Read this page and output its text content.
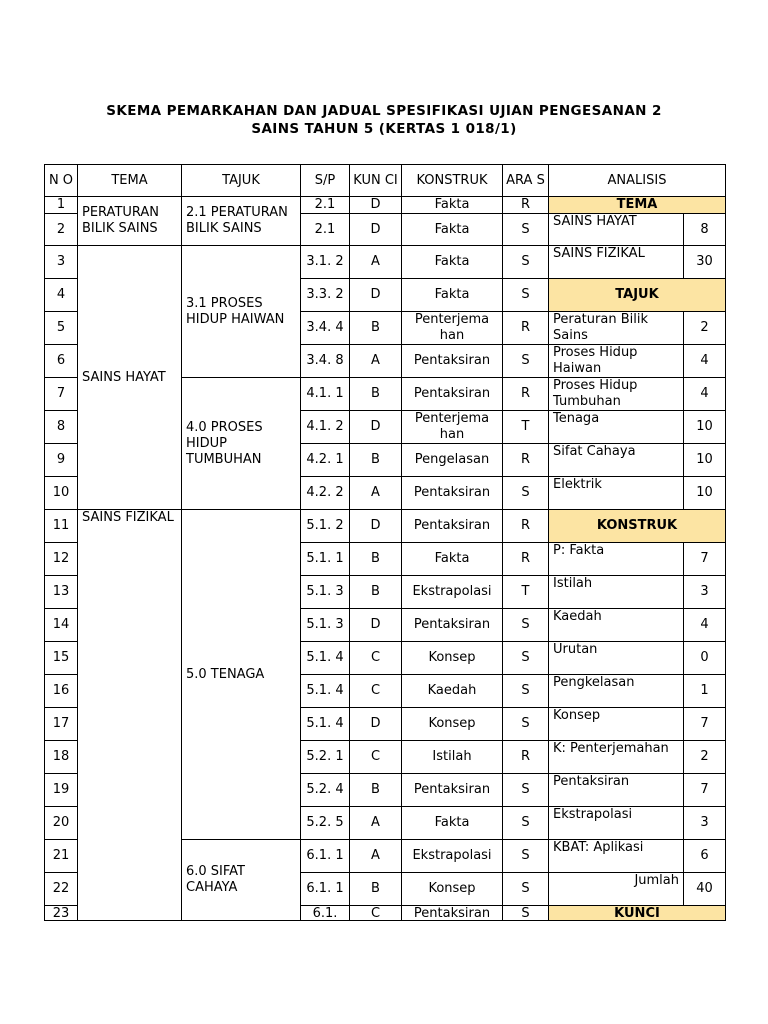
SKEMA PEMARKAHAN DAN JADUAL SPESIFIKASI UJIAN PENGESANAN 2
SAINS TAHUN 5 (KERTAS 1 018/1)
N O	TEMA	TAJUK	S/P	KUN CI	KONSTRUK	ARA S	ANALISIS	
1	PERATURAN BILIK SAINS	2.1 PERATURAN BILIK SAINS	2.1	D	Fakta	R	TEMA	
2			2.1	D	Fakta	S	SAINS HAYAT	8
3	SAINS HAYAT	3.1 PROSES HIDUP HAIWAN	3.1. 2	A	Fakta	S	SAINS FIZIKAL	30
4			3.3. 2	D	Fakta	S	TAJUK	
5			3.4. 4	B	Penterjema han	R	Peraturan Bilik Sains	2
6			3.4. 8	A	Pentaksiran	S	Proses Hidup Haiwan	4
7		4.0 PROSES HIDUP TUMBUHAN	4.1. 1	B	Pentaksiran	R	Proses Hidup Tumbuhan	4
8			4.1. 2	D	Penterjema han	T	Tenaga	10
9			4.2. 1	B	Pengelasan	R	Sifat Cahaya	10
10			4.2. 2	A	Pentaksiran	S	Elektrik	10
11	SAINS FIZIKAL	5.0 TENAGA	5.1. 2	D	Pentaksiran	R	KONSTRUK	
12			5.1. 1	B	Fakta	R	P: Fakta	7
13			5.1. 3	B	Ekstrapolasi	T	Istilah	3
14			5.1. 3	D	Pentaksiran	S	Kaedah	4
15			5.1. 4	C	Konsep	S	Urutan	0
16			5.1. 4	C	Kaedah	S	Pengkelasan	1
17			5.1. 4	D	Konsep	S	Konsep	7
18			5.2. 1	C	Istilah	R	K: Penterjemahan	2
19			5.2. 4	B	Pentaksiran	S	Pentaksiran	7
20			5.2. 5	A	Fakta	S	Ekstrapolasi	3
21		6.0 SIFAT CAHAYA	6.1. 1	A	Ekstrapolasi	S	KBAT: Aplikasi	6
22			6.1. 1	B	Konsep	S	Jumlah	40
23			6.1.	C	Pentaksiran	S	KUNCI	
